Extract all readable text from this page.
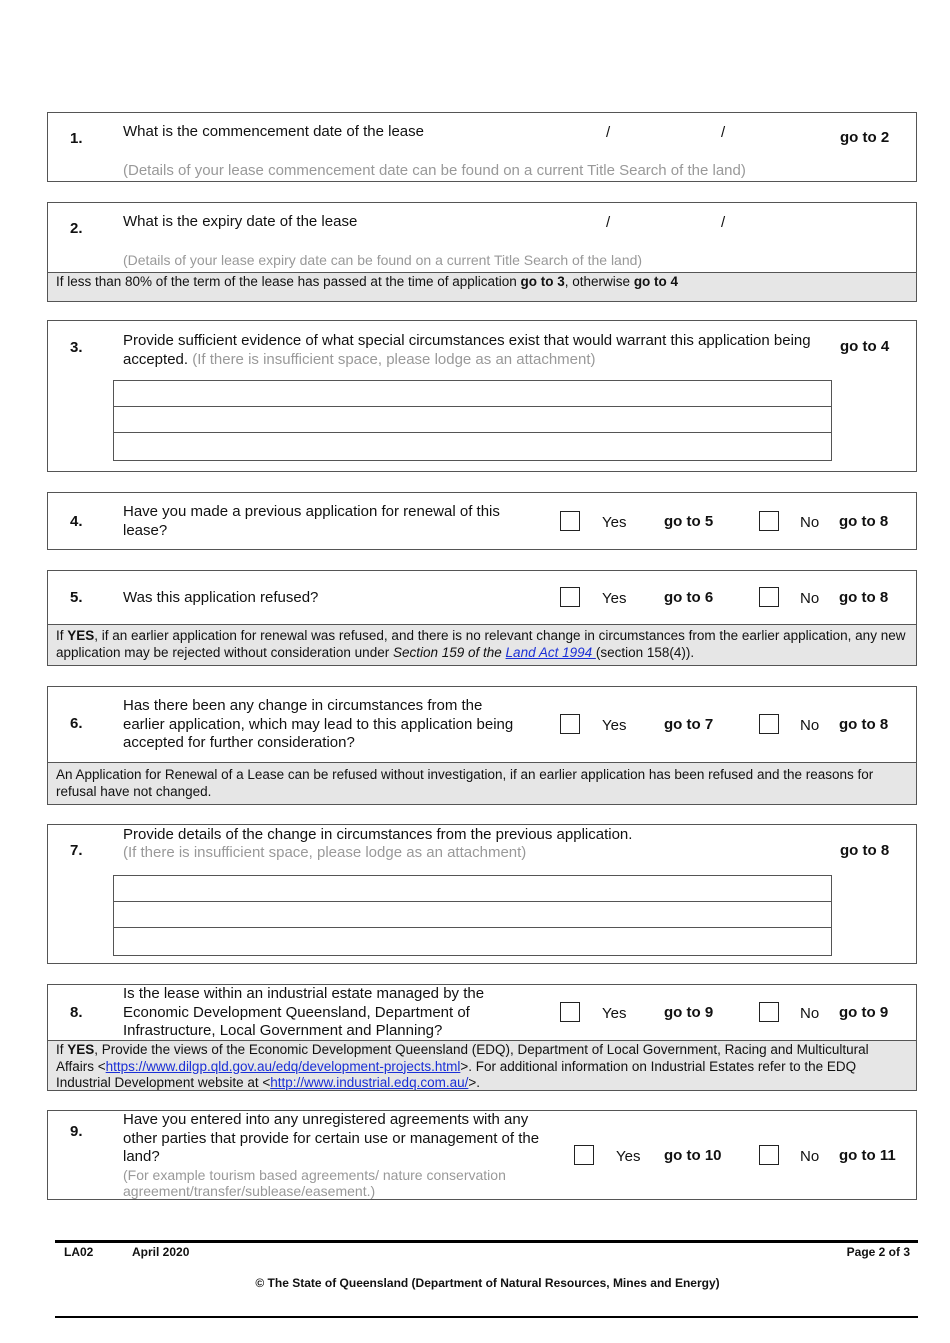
1.	What is the commencement date of the lease	/	/	go to 2
(Details of your lease commencement date can be found on a current Title Search of the land)
2.	What is the expiry date of the lease	/	/
(Details of your lease expiry date can be found on a current Title Search of the land)
If less than 80% of the term of the lease has passed at the time of application go to 3, otherwise go to 4
3.	Provide sufficient evidence of what special circumstances exist that would warrant this application being accepted. (If there is insufficient space, please lodge as an attachment)
go to 4
4.
Have you made a previous application for renewal of this lease?	Yes	go to 5	No go to 8
5.	Was this application refused?	Yes	go to 6	No go to 8
If YES, if an earlier application for renewal was refused, and there is no relevant change in circumstances from the earlier application, any new application may be rejected without consideration under Section 159 of the Land Act 1994 (section 158(4)).
6.
Has there been any change in circumstances from the earlier application, which may lead to this application being accepted for further consideration?
Yes	go to 7	No go to 8
An Application for Renewal of a Lease can be refused without investigation, if an earlier application has been refused and the reasons for refusal have not changed.
7.
Provide details of the change in circumstances from the previous application.
(If there is insufficient space, please lodge as an attachment)	go to 8
8.
Is the lease within an industrial estate managed by the Economic Development Queensland, Department of Infrastructure, Local Government and Planning?
Yes	go to 9	No go to 9
If YES, Provide the views of the Economic Development Queensland (EDQ), Department of Local Government, Racing and Multicultural Affairs <https://www.dilgp.qld.gov.au/edq/development-projects.html>. For additional information on Industrial Estates refer to the EDQ Industrial Development website at <http://www.industrial.edq.com.au/>.
9.
Have you entered into any unregistered agreements with any other parties that provide for certain use or management of the land?
(For example tourism based agreements/ nature conservation agreement/transfer/sublease/easement.)
Yes go to 10	No go to 11
LA02	April 2020	Page 2 of 3
© The State of Queensland (Department of Natural Resources, Mines and Energy)
